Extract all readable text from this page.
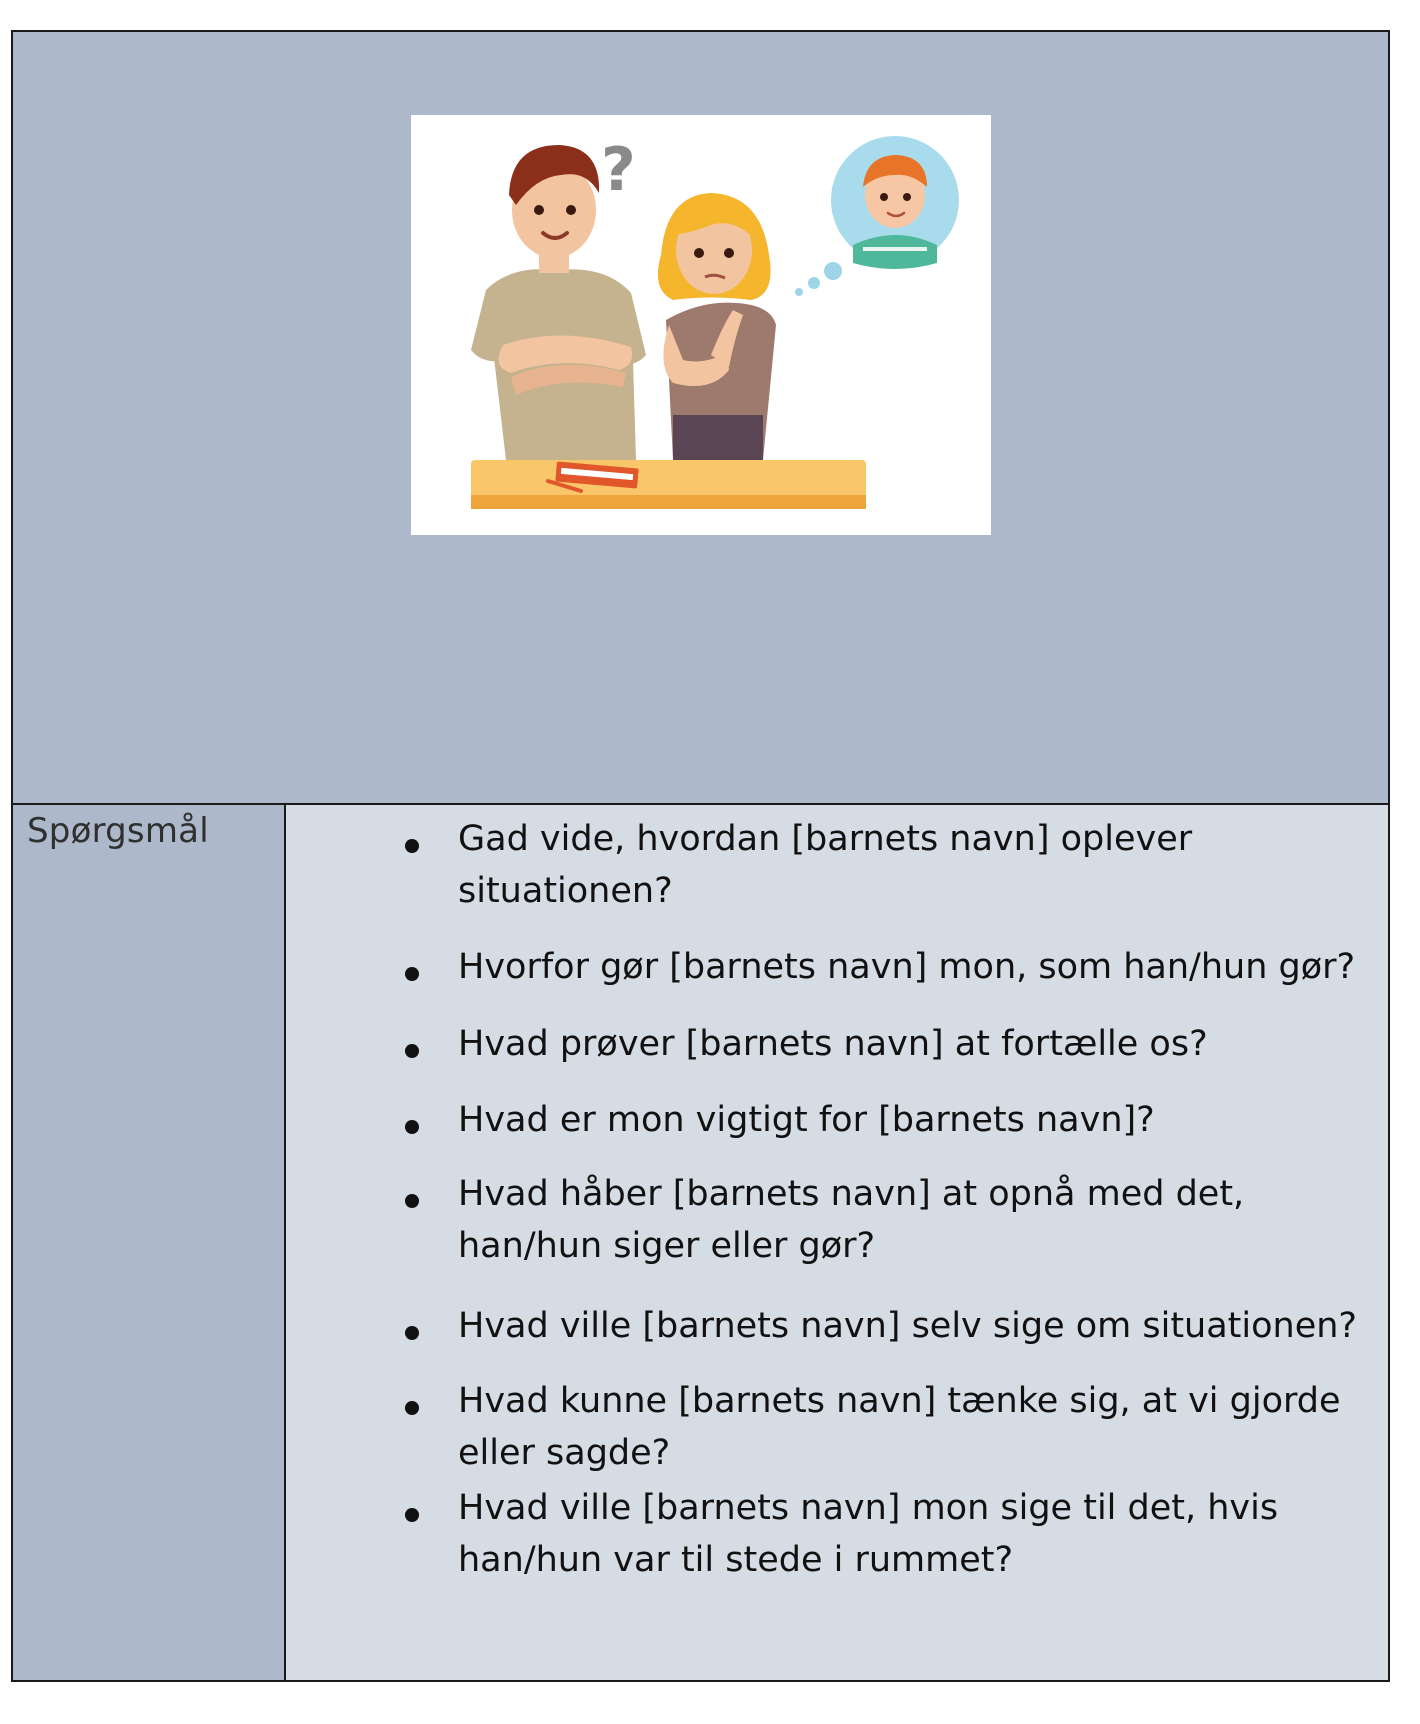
?
Spørgsmål	Gad vide, hvordan [barnets navn] oplever
situationen?
Hvorfor gør [barnets navn] mon, som han/hun gør?
Hvad prøver [barnets navn] at fortælle os?
Hvad er mon vigtigt for [barnets navn]?
Hvad håber [barnets navn] at opnå med det,
han/hun siger eller gør?
Hvad ville [barnets navn] selv sige om situationen?
Hvad kunne [barnets navn] tænke sig, at vi gjorde
eller sagde?
Hvad ville [barnets navn] mon sige til det, hvis
han/hun var til stede i rummet?
